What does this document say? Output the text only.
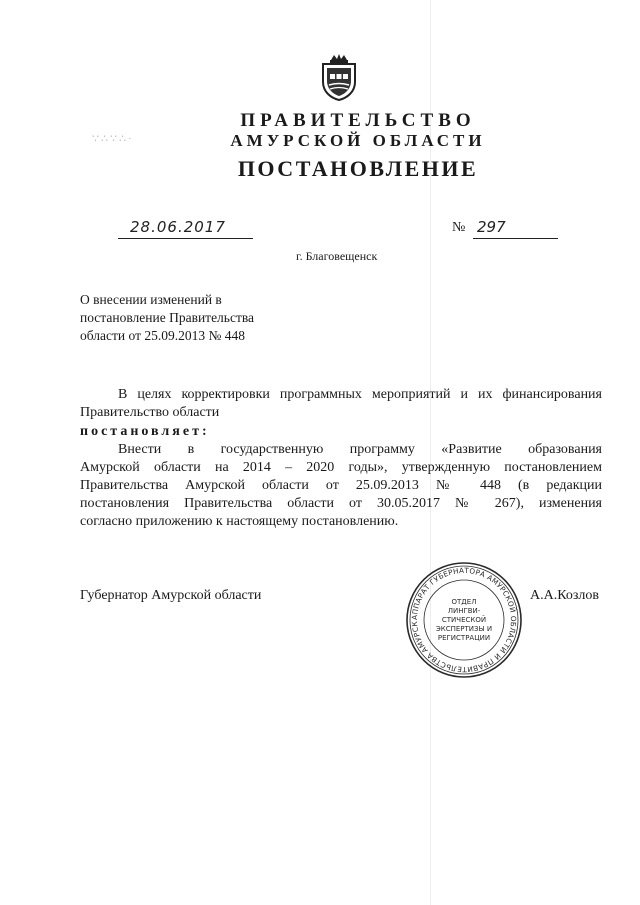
∵∴∵∴·
ПРАВИТЕЛЬСТВО
АМУРСКОЙ ОБЛАСТИ
ПОСТАНОВЛЕНИЕ
28.06.2017	№ 297
г. Благовещенск
О внесении изменений в
постановление Правительства
области от 25.09.2013 № 448
В целях корректировки программных мероприятий и их финансирования
Правительство области
постановляет:
Внести в государственную программу «Развитие образования
Амурской области на 2014 – 2020 годы», утвержденную постановлением
Правительства Амурской области от 25.09.2013 № 448 (в редакции
постановления Правительства области от 30.05.2017 № 267), изменения
согласно приложению к настоящему постановлению.
Губернатор Амурской области
АППАРАТ ГУБЕРНАТОРА АМУРСКОЙ ОБЛАСТИ И ПРАВИТЕЛЬСТВА АМУРСК
ОТДЕЛ
ЛИНГВИ-
СТИЧЕСКОЙ
ЭКСПЕРТИЗЫ И
РЕГИСТРАЦИИ
А.А.Козлов
